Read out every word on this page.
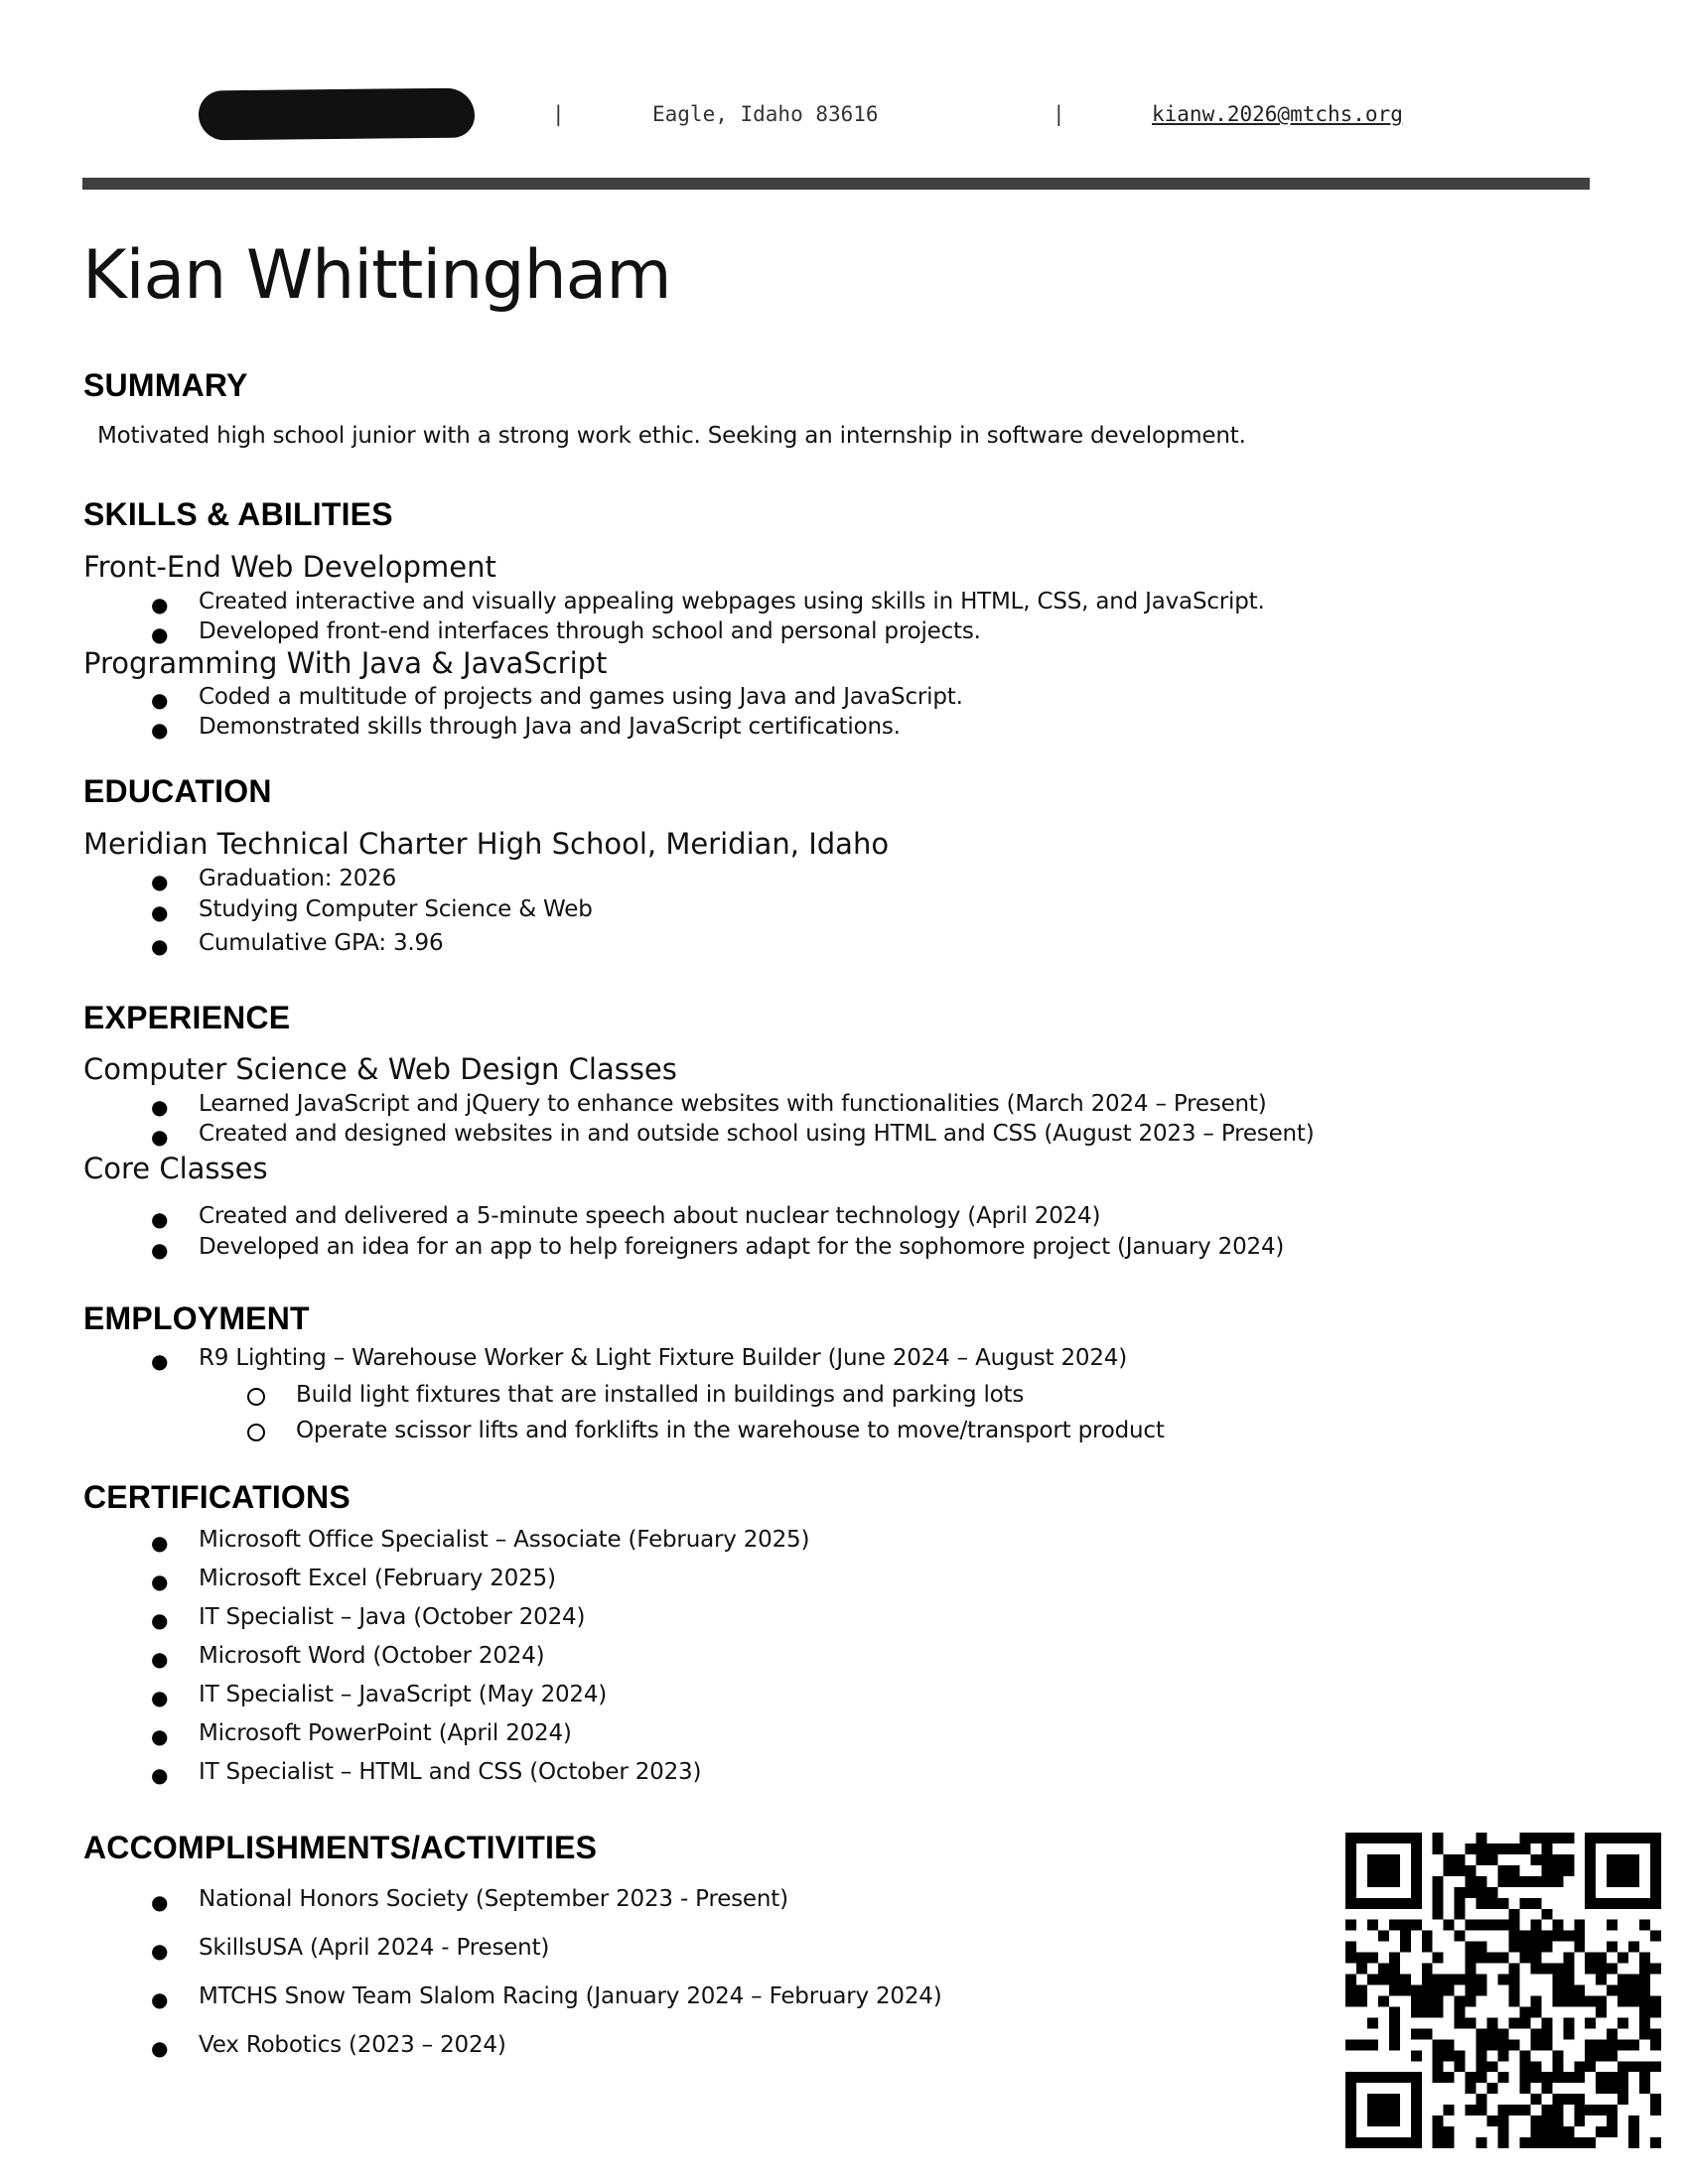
|	Eagle, Idaho 83616	|	kianw.2026@mtchs.org
Kian Whittingham
SUMMARY
Motivated high school junior with a strong work ethic. Seeking an internship in software development.
SKILLS & ABILITIES
Front-End Web Development
● Created interactive and visually appealing webpages using skills in HTML, CSS, and JavaScript.
● Developed front-end interfaces through school and personal projects.
Programming With Java & JavaScript
● Coded a multitude of projects and games using Java and JavaScript.
● Demonstrated skills through Java and JavaScript certifications.
EDUCATION
Meridian Technical Charter High School, Meridian, Idaho
● Graduation: 2026
● Studying Computer Science & Web
● Cumulative GPA: 3.96
EXPERIENCE
Computer Science & Web Design Classes
● Learned JavaScript and jQuery to enhance websites with functionalities (March 2024 – Present)
● Created and designed websites in and outside school using HTML and CSS (August 2023 – Present)
Core Classes
● Created and delivered a 5-minute speech about nuclear technology (April 2024)
● Developed an idea for an app to help foreigners adapt for the sophomore project (January 2024)
EMPLOYMENT
● R9 Lighting – Warehouse Worker & Light Fixture Builder (June 2024 – August 2024)
Build light fixtures that are installed in buildings and parking lots
Operate scissor lifts and forklifts in the warehouse to move/transport product
CERTIFICATIONS
● Microsoft Office Specialist – Associate (February 2025)
● Microsoft Excel (February 2025)
● IT Specialist – Java (October 2024)
● Microsoft Word (October 2024)
● IT Specialist – JavaScript (May 2024)
● Microsoft PowerPoint (April 2024)
● IT Specialist – HTML and CSS (October 2023)
ACCOMPLISHMENTS/ACTIVITIES
● National Honors Society (September 2023 - Present)
● SkillsUSA (April 2024 - Present)
● MTCHS Snow Team Slalom Racing (January 2024 – February 2024)
● Vex Robotics (2023 – 2024)
